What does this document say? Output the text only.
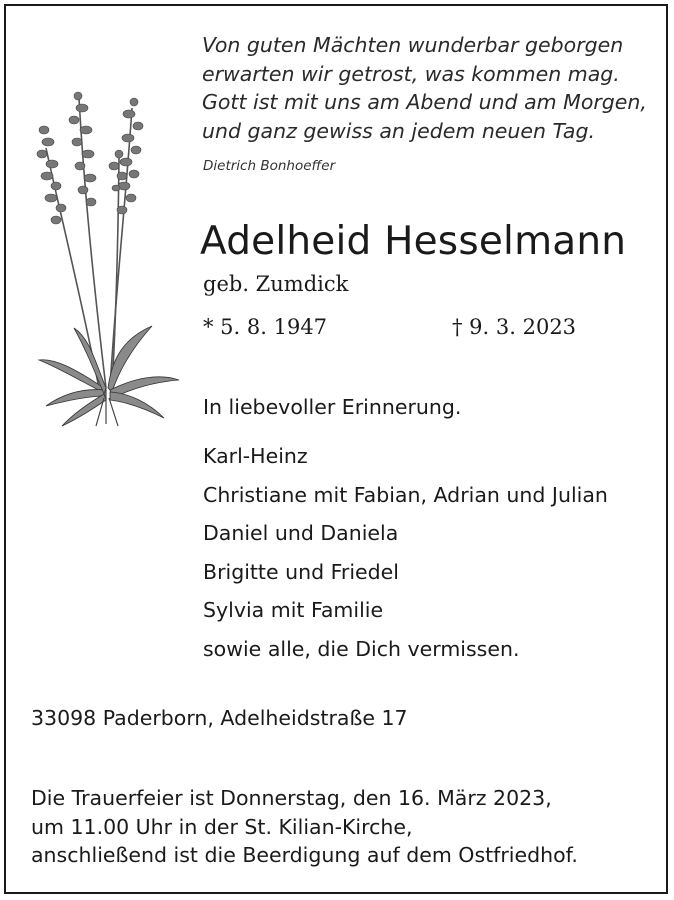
Von guten Mächten wunderbar geborgen
erwarten wir getrost, was kommen mag.
Gott ist mit uns am Abend und am Morgen,
und ganz gewiss an jedem neuen Tag.
Dietrich Bonhoeffer
Adelheid Hesselmann
geb. Zumdick
* 5. 8. 1947	† 9. 3. 2023
In liebevoller Erinnerung.
Karl-Heinz
Christiane mit Fabian, Adrian und Julian
Daniel und Daniela
Brigitte und Friedel
Sylvia mit Familie
sowie alle, die Dich vermissen.
33098 Paderborn, Adelheidstraße 17
Die Trauerfeier ist Donnerstag, den 16. März 2023,
um 11.00 Uhr in der St. Kilian-Kirche,
anschließend ist die Beerdigung auf dem Ostfriedhof.
